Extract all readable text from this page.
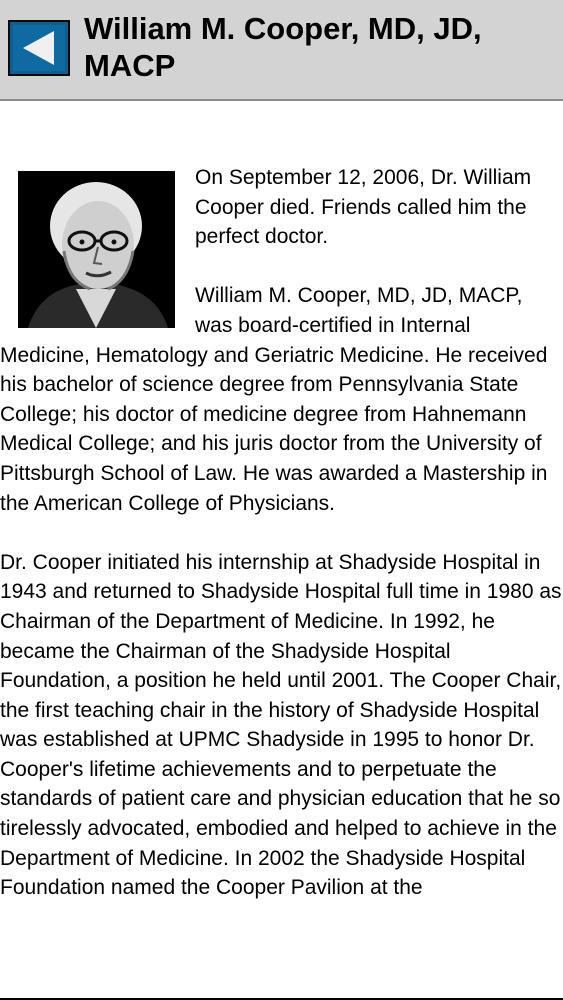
William M. Cooper, MD, JD, MACP

On September 12, 2006, Dr. William Cooper died. Friends called him the perfect doctor.

William M. Cooper, MD, JD, MACP, was board-certified in Internal Medicine, Hematology and Geriatric Medicine. He received his bachelor of science degree from Pennsylvania State College; his doctor of medicine degree from Hahnemann Medical College; and his juris doctor from the University of Pittsburgh School of Law. He was awarded a Mastership in the American College of Physicians.

Dr. Cooper initiated his internship at Shadyside Hospital in 1943 and returned to Shadyside Hospital full time in 1980 as Chairman of the Department of Medicine. In 1992, he became the Chairman of the Shadyside Hospital Foundation, a position he held until 2001. The Cooper Chair, the first teaching chair in the history of Shadyside Hospital was established at UPMC Shadyside in 1995 to honor Dr. Cooper's lifetime achievements and to perpetuate the standards of patient care and physician education that he so tirelessly advocated, embodied and helped to achieve in the Department of Medicine. In 2002 the Shadyside Hospital Foundation named the Cooper Pavilion at the
